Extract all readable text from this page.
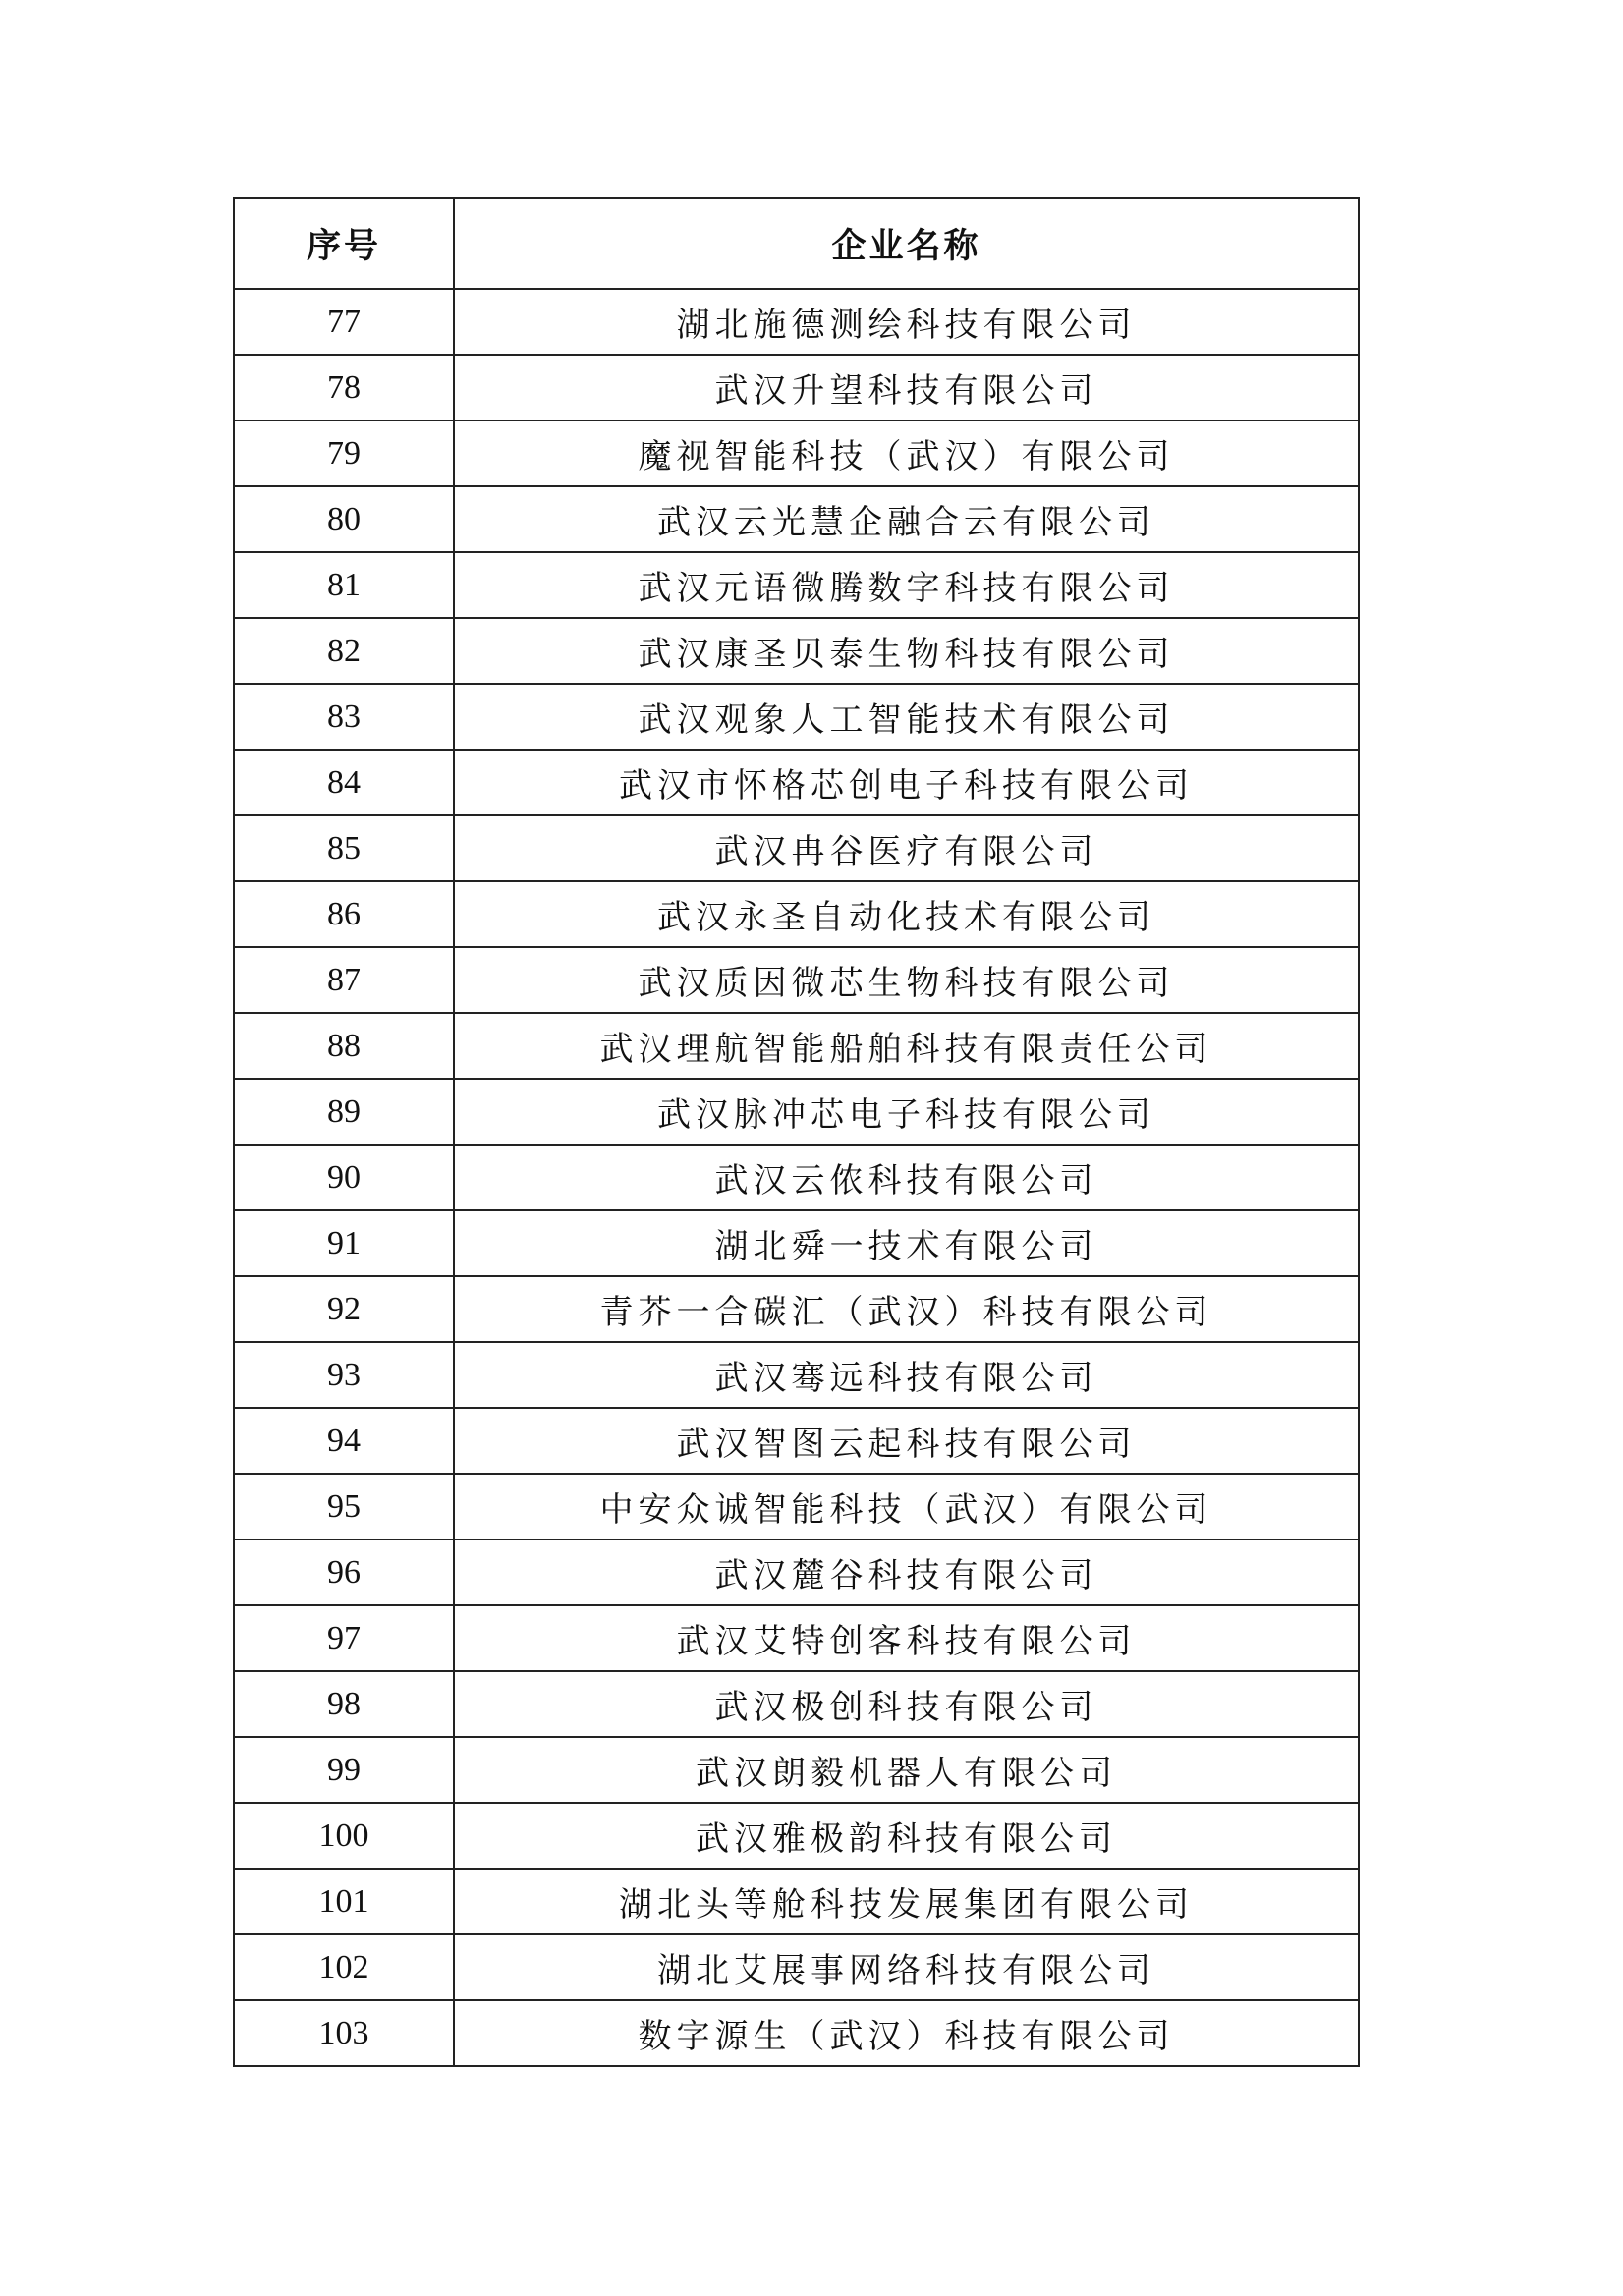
序号	企业名称
77	湖北施德测绘科技有限公司
78	武汉升望科技有限公司
79	魔视智能科技（武汉）有限公司
80	武汉云光慧企融合云有限公司
81	武汉元语微腾数字科技有限公司
82	武汉康圣贝泰生物科技有限公司
83	武汉观象人工智能技术有限公司
84	武汉市怀格芯创电子科技有限公司
85	武汉冉谷医疗有限公司
86	武汉永圣自动化技术有限公司
87	武汉质因微芯生物科技有限公司
88	武汉理航智能船舶科技有限责任公司
89	武汉脉冲芯电子科技有限公司
90	武汉云侬科技有限公司
91	湖北舜一技术有限公司
92	青芥一合碳汇（武汉）科技有限公司
93	武汉骞远科技有限公司
94	武汉智图云起科技有限公司
95	中安众诚智能科技（武汉）有限公司
96	武汉麓谷科技有限公司
97	武汉艾特创客科技有限公司
98	武汉极创科技有限公司
99	武汉朗毅机器人有限公司
100	武汉雅极韵科技有限公司
101	湖北头等舱科技发展集团有限公司
102	湖北艾展事网络科技有限公司
103	数字源生（武汉）科技有限公司
